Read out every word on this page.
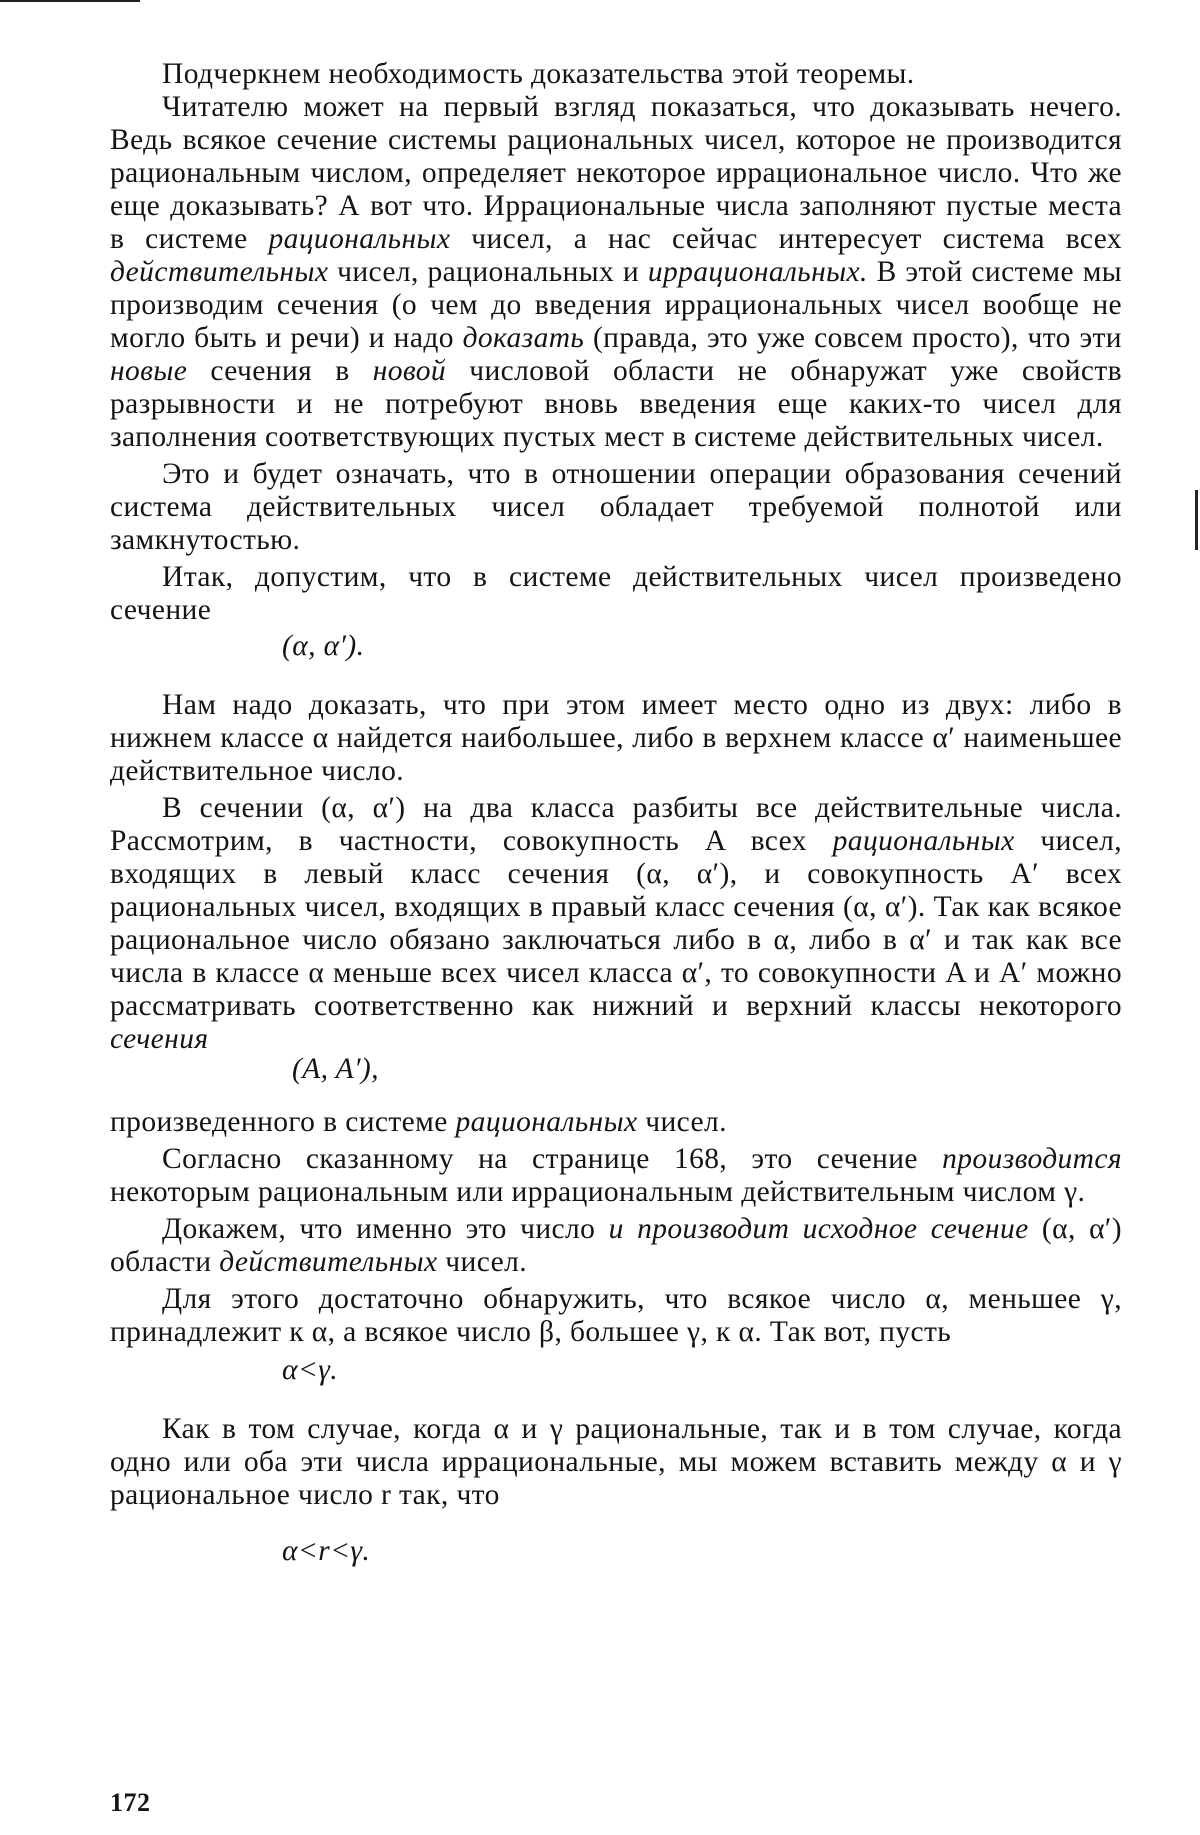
Подчеркнем необходимость доказательства этой теоремы.

Читателю может на первый взгляд показаться, что доказывать нечего. Ведь всякое сечение системы рациональных чисел, которое не производится рациональным числом, определяет некоторое иррациональное число. Что же еще доказывать? А вот что. Иррациональные числа заполняют пустые места в системе рациональных чисел, а нас сейчас интересует система всех действительных чисел, рациональных и иррациональных. В этой системе мы производим сечения (о чем до введения иррациональных чисел вообще не могло быть и речи) и надо доказать (правда, это уже совсем просто), что эти новые сечения в новой числовой области не обнаружат уже свойств разрывности и не потребуют вновь введения еще каких-то чисел для заполнения соответствующих пустых мест в системе действительных чисел.

Это и будет означать, что в отношении операции образования сечений система действительных чисел обладает требуемой полнотой или замкнутостью.

Итак, допустим, что в системе действительных чисел произведено сечение

(α, α′).

Нам надо доказать, что при этом имеет место одно из двух: либо в нижнем классе α найдется наибольшее, либо в верхнем классе α′ наименьшее действительное число.

В сечении (α, α′) на два класса разбиты все действительные числа. Рассмотрим, в частности, совокупность A всех рациональных чисел, входящих в левый класс сечения (α, α′), и совокупность A′ всех рациональных чисел, входящих в правый класс сечения (α, α′). Так как всякое рациональное число обязано заключаться либо в α, либо в α′ и так как все числа в классе α меньше всех чисел класса α′, то совокупности A и A′ можно рассматривать соответственно как нижний и верхний классы некоторого сечения

(A, A′),

произведенного в системе рациональных чисел.

Согласно сказанному на странице 168, это сечение производится некоторым рациональным или иррациональным действительным числом γ.

Докажем, что именно это число и производит исходное сечение (α, α′) области действительных чисел.

Для этого достаточно обнаружить, что всякое число α, меньшее γ, принадлежит к α, а всякое число β, большее γ, к α. Так вот, пусть

α<γ.

Как в том случае, когда α и γ рациональные, так и в том случае, когда одно или оба эти числа иррациональные, мы можем вставить между α и γ рациональное число r так, что

α<r<γ.

172
